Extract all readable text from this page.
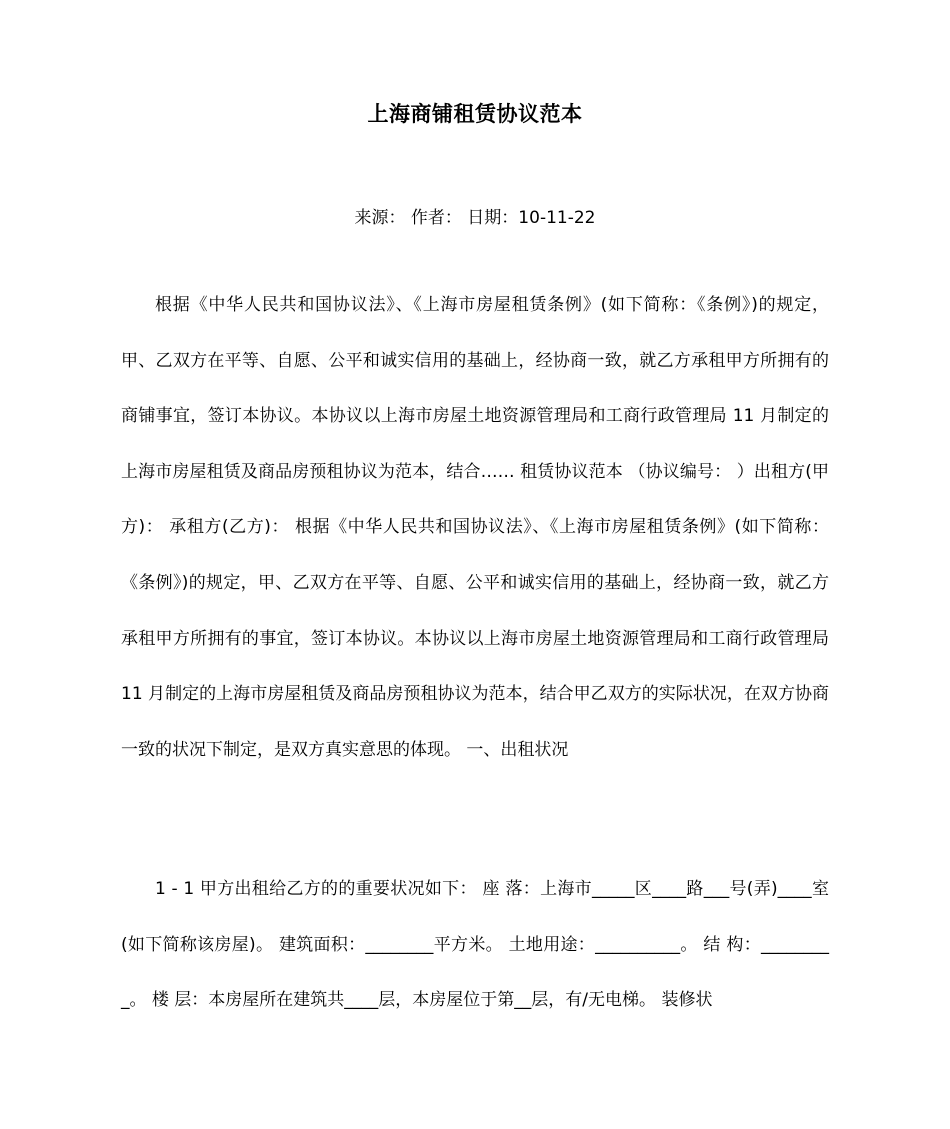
上海商铺租赁协议范本
来源： 作者： 日期：10-11-22

根据《中华人民共和国协议法》、《上海市房屋租赁条例》(如下简称：《条例》)的规定，甲、乙双方在平等、自愿、公平和诚实信用的基础上，经协商一致，就乙方承租甲方所拥有的商铺事宜，签订本协议。本协议以上海市房屋土地资源管理局和工商行政管理局 11 月制定的上海市房屋租赁及商品房预租协议为范本，结合…… 租赁协议范本 （协议编号： ）出租方(甲方)： 承租方(乙方)： 根据《中华人民共和国协议法》、《上海市房屋租赁条例》(如下简称：《条例》)的规定，甲、乙双方在平等、自愿、公平和诚实信用的基础上，经协商一致，就乙方承租甲方所拥有的事宜，签订本协议。本协议以上海市房屋土地资源管理局和工商行政管理局 11 月制定的上海市房屋租赁及商品房预租协议为范本，结合甲乙双方的实际状况，在双方协商一致的状况下制定，是双方真实意思的体现。 一、出租状况

1 - 1 甲方出租给乙方的的重要状况如下： 座 落：上海市_____区____路___号(弄)____室(如下简称该房屋)。 建筑面积：________平方米。 土地用途：__________。 结 构：_________。 楼 层：本房屋所在建筑共____层，本房屋位于第__层，有/无电梯。 装修状
